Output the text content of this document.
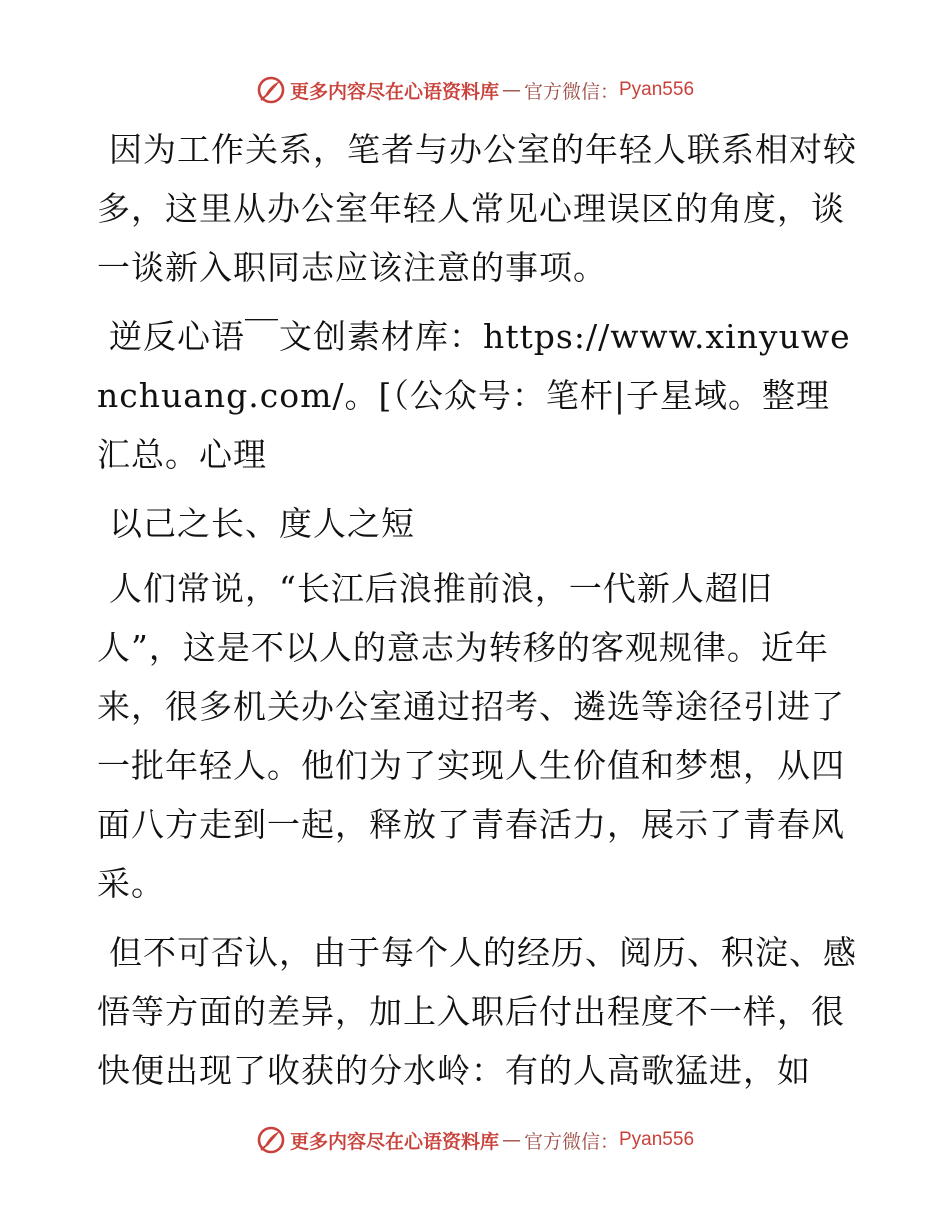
更多内容尽在心语资料库 — 官方微信： Pyan556

因为工作关系，笔者与办公室的年轻人联系相对较多，这里从办公室年轻人常见心理误区的角度，谈一谈新入职同志应该注意的事项。

逆反心语￣文创素材库：https://www.xinyuwenchuang.com/。[（公众号：笔杆|子星域。整理汇总。心理

以己之长、度人之短

人们常说，“长江后浪推前浪，一代新人超旧人”，这是不以人的意志为转移的客观规律。近年来，很多机关办公室通过招考、遴选等途径引进了一批年轻人。他们为了实现人生价值和梦想，从四面八方走到一起，释放了青春活力，展示了青春风采。

但不可否认，由于每个人的经历、阅历、积淀、感悟等方面的差异，加上入职后付出程度不一样，很快便出现了收获的分水岭：有的人高歌猛进，如

更多内容尽在心语资料库 — 官方微信： Pyan556
